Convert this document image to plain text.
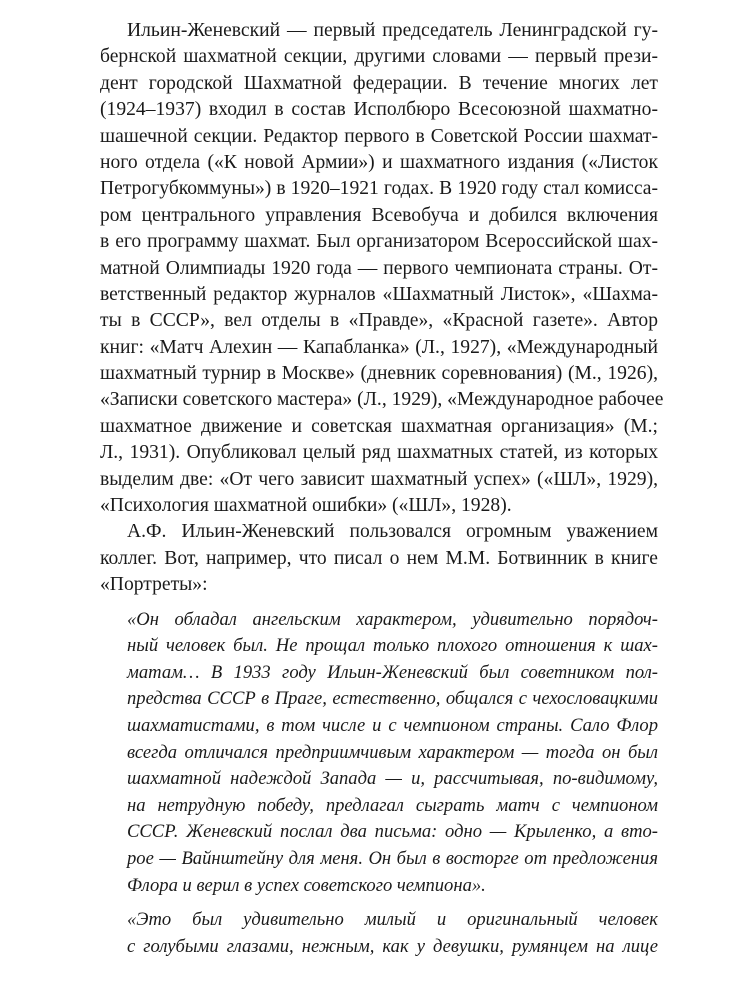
Ильин-Женевский — первый председатель Ленинградской гу-
бернской шахматной секции, другими словами — первый прези-
дент городской Шахматной федерации. В течение многих лет
(1924–1937) входил в состав Исполбюро Всесоюзной шахматно-
шашечной секции. Редактор первого в Советской России шахмат-
ного отдела («К новой Армии») и шахматного издания («Листок
Петрогубкоммуны») в 1920–1921 годах. В 1920 году стал комисса-
ром центрального управления Всевобуча и добился включения
в его программу шахмат. Был организатором Всероссийской шах-
матной Олимпиады 1920 года — первого чемпионата страны. От-
ветственный редактор журналов «Шахматный Листок», «Шахма-
ты в СССР», вел отделы в «Правде», «Красной газете». Автор
книг: «Матч Алехин — Капабланка» (Л., 1927), «Международный
шахматный турнир в Москве» (дневник соревнования) (М., 1926),
«Записки советского мастера» (Л., 1929), «Международное рабочее
шахматное движение и советская шахматная организация» (М.;
Л., 1931). Опубликовал целый ряд шахматных статей, из которых
выделим две: «От чего зависит шахматный успех» («ШЛ», 1929),
«Психология шахматной ошибки» («ШЛ», 1928).
А.Ф. Ильин-Женевский пользовался огромным уважением
коллег. Вот, например, что писал о нем М.М. Ботвинник в книге
«Портреты»:
«Он обладал ангельским характером, удивительно порядоч-
ный человек был. Не прощал только плохого отношения к шах-
матам… В 1933 году Ильин-Женевский был советником пол-
предства СССР в Праге, естественно, общался с чехословацкими
шахматистами, в том числе и с чемпионом страны. Сало Флор
всегда отличался предприимчивым характером — тогда он был
шахматной надеждой Запада — и, рассчитывая, по-видимому,
на нетрудную победу, предлагал сыграть матч с чемпионом
СССР. Женевский послал два письма: одно — Крыленко, а вто-
рое — Вайнштейну для меня. Он был в восторге от предложения
Флора и верил в успех советского чемпиона».
«Это был удивительно милый и оригинальный человек
с голубыми глазами, нежным, как у девушки, румянцем на лице
